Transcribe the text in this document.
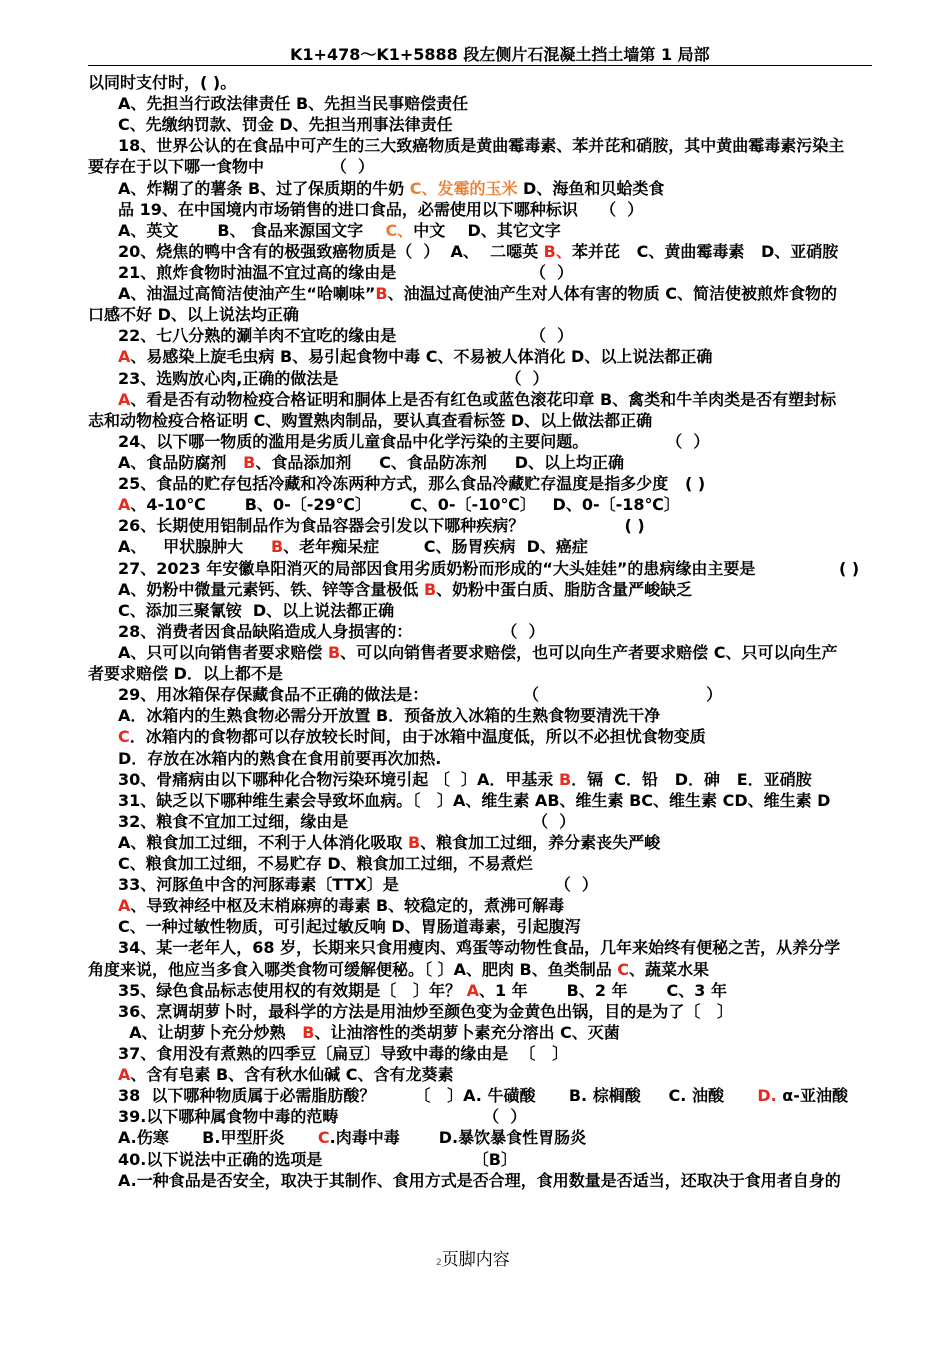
K1+478～K1+5888 段左侧片石混凝土挡土墙第 1 局部
以同时支付时，( )。
A、先担当行政法律责任 B、先担当民事赔偿责任
C、先缴纳罚款、罚金 D、先担当刑事法律责任
18、世界公认的在食品中可产生的三大致癌物质是黄曲霉毒素、苯并芘和硝胺，其中黄曲霉毒素污染主
要存在于以下哪一食物中            （  ）
A、炸糊了的薯条 B、过了保质期的牛奶 C、发霉的玉米 D、海鱼和贝蛤类食
品 19、在中国境内市场销售的进口食品，必需使用以下哪种标识    （  ）
A、英文       B、 食品来源国文字    C、中文    D、其它文字
20、烧焦的鸭中含有的极强致癌物质是（  ）  A、  二噁英 B、苯并芘   C、黄曲霉毒素   D、亚硝胺
21、煎炸食物时油温不宜过高的缘由是                        （  ）
A、油温过高简洁使油产生“哈喇味”B、油温过高使油产生对人体有害的物质 C、简洁使被煎炸食物的
口感不好 D、以上说法均正确
22、七八分熟的涮羊肉不宜吃的缘由是                        （  ）
A、易感染上旋毛虫病 B、易引起食物中毒 C、不易被人体消化 D、以上说法都正确
23、选购放心肉,正确的做法是                              （  ）
A、看是否有动物检疫合格证明和胴体上是否有红色或蓝色滚花印章 B、禽类和牛羊肉类是否有塑封标
志和动物检疫合格证明 C、购置熟肉制品，要认真查看标签 D、以上做法都正确
24、以下哪一物质的滥用是劣质儿童食品中化学污染的主要问题。              （  ）
A、食品防腐剂   B、食品添加剂     C、食品防冻剂     D、以上均正确
25、食品的贮存包括冷藏和冷冻两种方式，那么食品冷藏贮存温度是指多少度   ( )
A、4-10℃       B、0-〔-29℃〕       C、0-〔-10℃〕   D、0-〔-18℃〕
26、长期使用铝制品作为食品容器会引发以下哪种疾病？                  ( )
A、   甲状腺肿大     B、老年痴呆症        C、肠胃疾病  D、癌症
27、2023 年安徽阜阳消灭的局部因食用劣质奶粉而形成的“大头娃娃”的患病缘由主要是               ( )
A、奶粉中微量元素钙、铁、锌等含量极低 B、奶粉中蛋白质、脂肪含量严峻缺乏
C、添加三聚氰铵  D、以上说法都正确
28、消费者因食品缺陷造成人身损害的：                （  ）
A、只可以向销售者要求赔偿 B、可以向销售者要求赔偿，也可以向生产者要求赔偿 C、只可以向生产
者要求赔偿 D．以上都不是
29、用冰箱保存保藏食品不正确的做法是：                 （                              ）
A．冰箱内的生熟食物必需分开放置 B．预备放入冰箱的生熟食物要清洗干净
C．冰箱内的食物都可以存放较长时间，由于冰箱中温度低，所以不必担忧食物变质
D．存放在冰箱内的熟食在食用前要再次加热.
30、骨痛病由以下哪种化合物污染环境引起 〔  〕A．甲基汞 B．镉  C．铅   D．砷   E．亚硝胺
31、缺乏以下哪种维生素会导致坏血病。〔   〕A、维生素 AB、维生素 BC、维生素 CD、维生素 D
32、粮食不宜加工过细，缘由是                                 （  ）
A、粮食加工过细，不利于人体消化吸取 B、粮食加工过细，养分素丧失严峻
C、粮食加工过细，不易贮存 D、粮食加工过细，不易煮烂
33、河豚鱼中含的河豚毒素〔TTX〕是                            （  ）
A、导致神经中枢及末梢麻痹的毒素 B、较稳定的，煮沸可解毒
C、一种过敏性物质，可引起过敏反响 D、胃肠道毒素，引起腹泻
34、某一老年人，68 岁，长期来只食用瘦肉、鸡蛋等动物性食品，几年来始终有便秘之苦，从养分学
角度来说，他应当多食入哪类食物可缓解便秘。〔 〕A、肥肉 B、鱼类制品 C、蔬菜水果
35、绿色食品标志使用权的有效期是〔   〕年？ A、1 年       B、2 年       C、3 年
36、烹调胡萝卜时，最科学的方法是用油炒至颜色变为金黄色出锅，目的是为了〔   〕
A、让胡萝卜充分炒熟   B、让油溶性的类胡萝卜素充分溶出 C、灭菌
37、食用没有煮熟的四季豆〔扁豆〕导致中毒的缘由是  〔   〕
A、含有皂素 B、含有秋水仙碱 C、含有龙葵素
38  以下哪种物质属于必需脂肪酸？       〔   〕A. 牛磺酸      B. 棕榈酸     C. 油酸      D. α-亚油酸
39.以下哪种属食物中毒的范畴                          （  ）
A.伤寒      B.甲型肝炎      C.肉毒中毒       D.暴饮暴食性胃肠炎
40.以下说法中正确的选项是                           〔B〕
A.一种食品是否安全，取决于其制作、食用方式是否合理，食用数量是否适当，还取决于食用者自身的
2页脚内容
